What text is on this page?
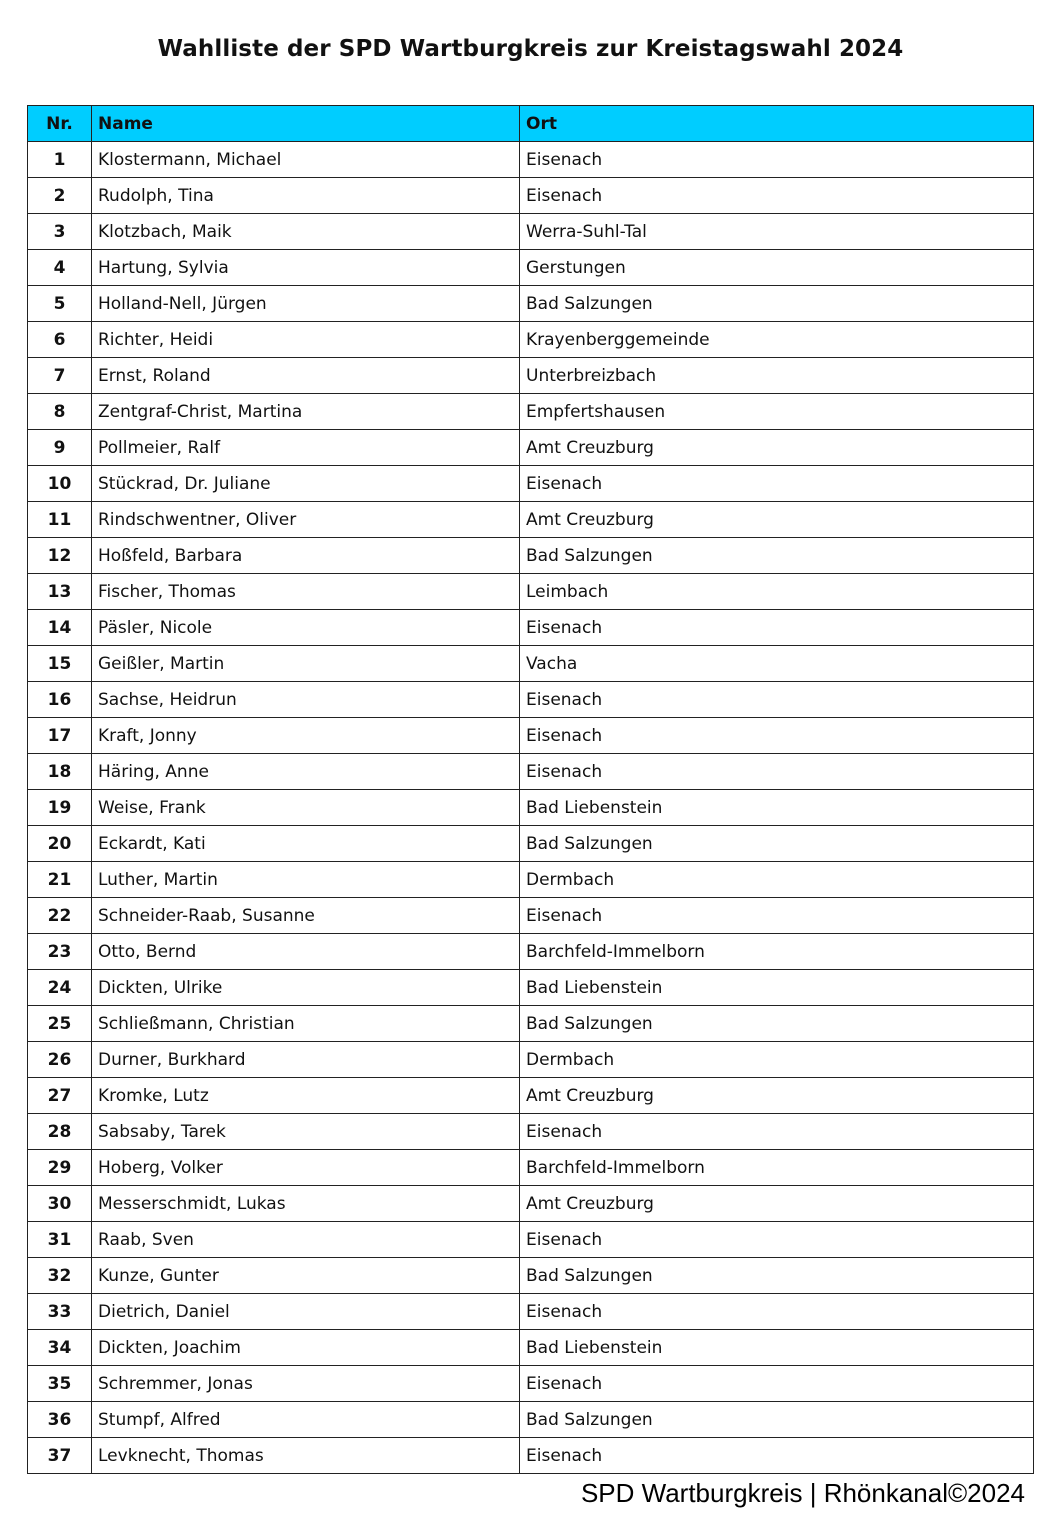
Wahlliste der SPD Wartburgkreis zur Kreistagswahl 2024
Nr.	Name	Ort
1	Klostermann, Michael	Eisenach
2	Rudolph, Tina	Eisenach
3	Klotzbach, Maik	Werra-Suhl-Tal
4	Hartung, Sylvia	Gerstungen
5	Holland-Nell, Jürgen	Bad Salzungen
6	Richter, Heidi	Krayenberggemeinde
7	Ernst, Roland	Unterbreizbach
8	Zentgraf-Christ, Martina	Empfertshausen
9	Pollmeier, Ralf	Amt Creuzburg
10	Stückrad, Dr. Juliane	Eisenach
11	Rindschwentner, Oliver	Amt Creuzburg
12	Hoßfeld, Barbara	Bad Salzungen
13	Fischer, Thomas	Leimbach
14	Päsler, Nicole	Eisenach
15	Geißler, Martin	Vacha
16	Sachse, Heidrun	Eisenach
17	Kraft, Jonny	Eisenach
18	Häring, Anne	Eisenach
19	Weise, Frank	Bad Liebenstein
20	Eckardt, Kati	Bad Salzungen
21	Luther, Martin	Dermbach
22	Schneider-Raab, Susanne	Eisenach
23	Otto, Bernd	Barchfeld-Immelborn
24	Dickten, Ulrike	Bad Liebenstein
25	Schließmann, Christian	Bad Salzungen
26	Durner, Burkhard	Dermbach
27	Kromke, Lutz	Amt Creuzburg
28	Sabsaby, Tarek	Eisenach
29	Hoberg, Volker	Barchfeld-Immelborn
30	Messerschmidt, Lukas	Amt Creuzburg
31	Raab, Sven	Eisenach
32	Kunze, Gunter	Bad Salzungen
33	Dietrich, Daniel	Eisenach
34	Dickten, Joachim	Bad Liebenstein
35	Schremmer, Jonas	Eisenach
36	Stumpf, Alfred	Bad Salzungen
37	Levknecht, Thomas	Eisenach
SPD Wartburgkreis | Rhönkanal©2024
